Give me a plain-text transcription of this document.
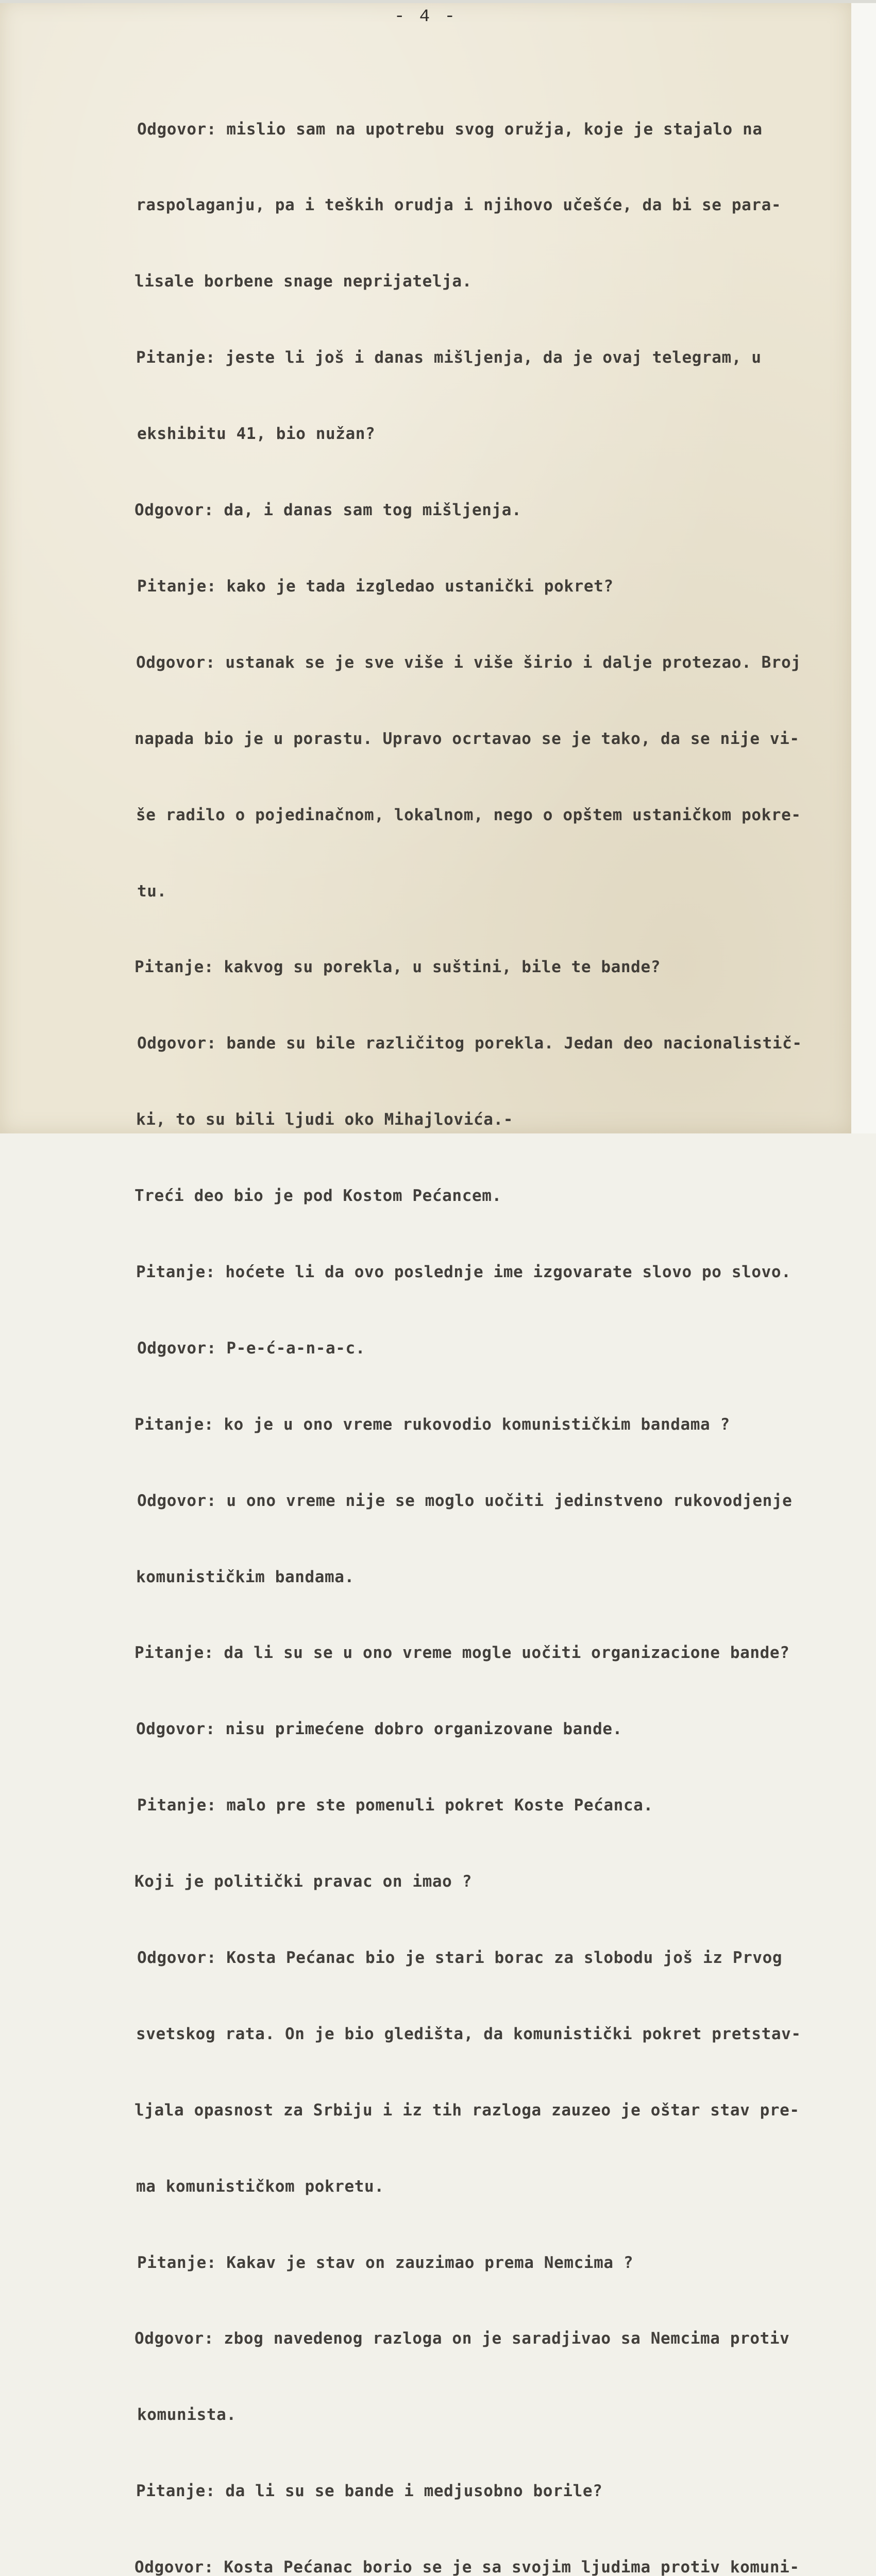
- 4 -

Odgovor: mislio sam na upotrebu svog oružja, koje je stajalo na

raspolaganju, pa i teških orudja i njihovo učešće, da bi se para-

lisale borbene snage neprijatelja.

Pitanje: jeste li još i danas mišljenja, da je ovaj telegram, u

ekshibitu 41, bio nužan?

Odgovor: da, i danas sam tog mišljenja.

Pitanje: kako je tada izgledao ustanički pokret?

Odgovor: ustanak se je sve više i više širio i dalje protezao. Broj

napada bio je u porastu. Upravo ocrtavao se je tako, da se nije vi-

še radilo o pojedinačnom, lokalnom, nego o opštem ustaničkom pokre-

tu.

Pitanje: kakvog su porekla, u suštini, bile te bande?

Odgovor: bande su bile različitog porekla. Jedan deo nacionalistič-

ki, to su bili ljudi oko Mihajlovića.-

Treći deo bio je pod Kostom Pećancem.

Pitanje: hoćete li da ovo poslednje ime izgovarate slovo po slovo.

Odgovor: P-e-ć-a-n-a-c.

Pitanje: ko je u ono vreme rukovodio komunističkim bandama ?

Odgovor: u ono vreme nije se moglo uočiti jedinstveno rukovodjenje

komunističkim bandama.

Pitanje: da li su se u ono vreme mogle uočiti organizacione bande?

Odgovor: nisu primećene dobro organizovane bande.

Pitanje: malo pre ste pomenuli pokret Koste Pećanca.

Koji je politički pravac on imao ?

Odgovor: Kosta Pećanac bio je stari borac za slobodu još iz Prvog

svetskog rata. On je bio gledišta, da komunistički pokret pretstav-

ljala opasnost za Srbiju i iz tih razloga zauzeo je oštar stav pre-

ma komunističkom pokretu.

Pitanje: Kakav je stav on zauzimao prema Nemcima ?

Odgovor: zbog navedenog razloga on je saradjivao sa Nemcima protiv

komunista.

Pitanje: da li su se bande i medjusobno borile?

Odgovor: Kosta Pećanac borio se je sa svojim ljudima protiv komuni-
